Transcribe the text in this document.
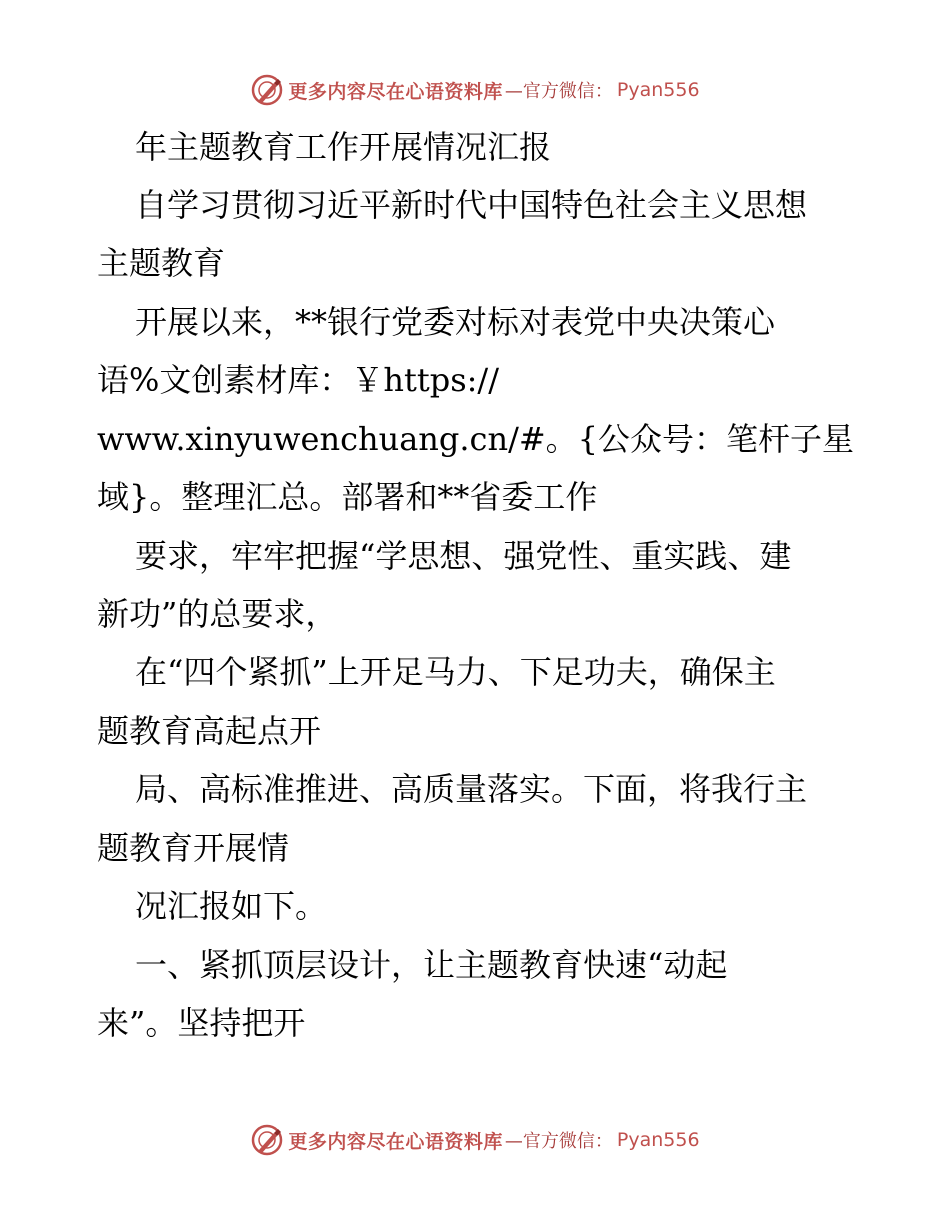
更多内容尽在心语资料库 —官方微信： Pyan556
年主题教育工作开展情况汇报
自学习贯彻习近平新时代中国特色社会主义思想
主题教育
开展以来，**银行党委对标对表党中央决策心
语%文创素材库：￥https://
www.xinyuwenchuang.cn/#。{公众号：笔杆子星
域}。整理汇总。部署和**省委工作
要求，牢牢把握“学思想、强党性、重实践、建
新功”的总要求，
在“四个紧抓”上开足马力、下足功夫，确保主
题教育高起点开
局、高标准推进、高质量落实。下面，将我行主
题教育开展情
况汇报如下。
一、紧抓顶层设计，让主题教育快速“动起
来”。坚持把开
更多内容尽在心语资料库 —官方微信： Pyan556
